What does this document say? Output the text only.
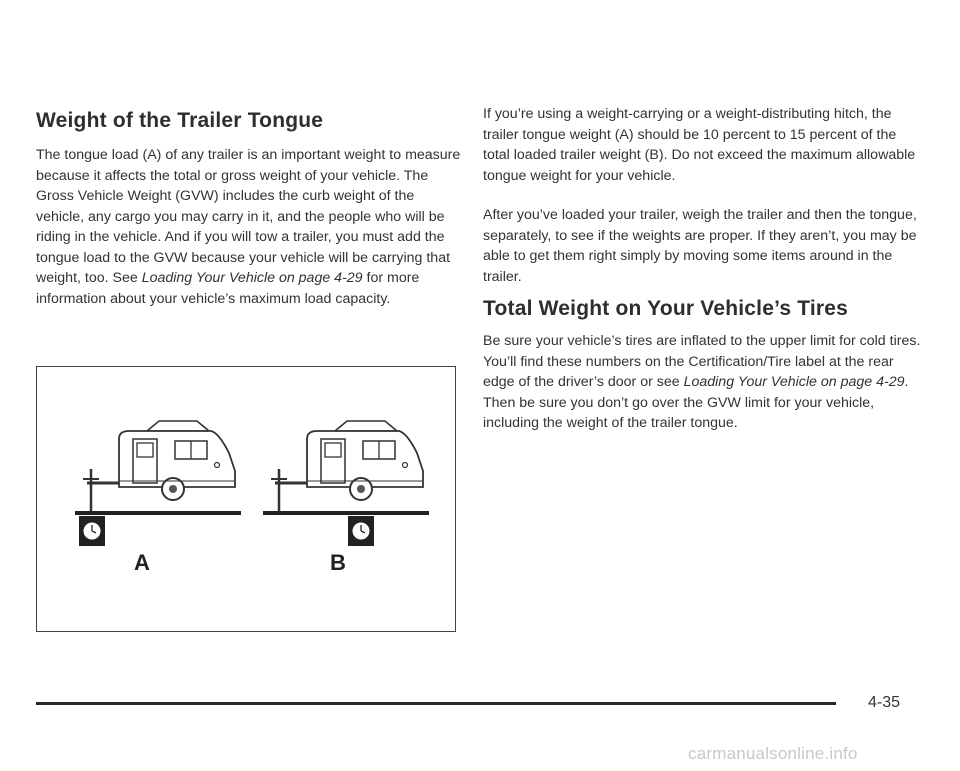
Weight of the Trailer Tongue

The tongue load (A) of any trailer is an important weight to measure because it affects the total or gross weight of your vehicle. The Gross Vehicle Weight (GVW) includes the curb weight of the vehicle, any cargo you may carry in it, and the people who will be riding in the vehicle. And if you will tow a trailer, you must add the tongue load to the GVW because your vehicle will be carrying that weight, too. See Loading Your Vehicle on page 4-29 for more information about your vehicle’s maximum load capacity.

A	B

If you’re using a weight-carrying or a weight-distributing hitch, the trailer tongue weight (A) should be 10 percent to 15 percent of the total loaded trailer weight (B). Do not exceed the maximum allowable tongue weight for your vehicle.

After you’ve loaded your trailer, weigh the trailer and then the tongue, separately, to see if the weights are proper. If they aren’t, you may be able to get them right simply by moving some items around in the trailer.

Total Weight on Your Vehicle’s Tires

Be sure your vehicle’s tires are inflated to the upper limit for cold tires. You’ll find these numbers on the Certification/Tire label at the rear edge of the driver’s door or see Loading Your Vehicle on page 4-29. Then be sure you don’t go over the GVW limit for your vehicle, including the weight of the trailer tongue.

4-35
carmanualsonline.info
